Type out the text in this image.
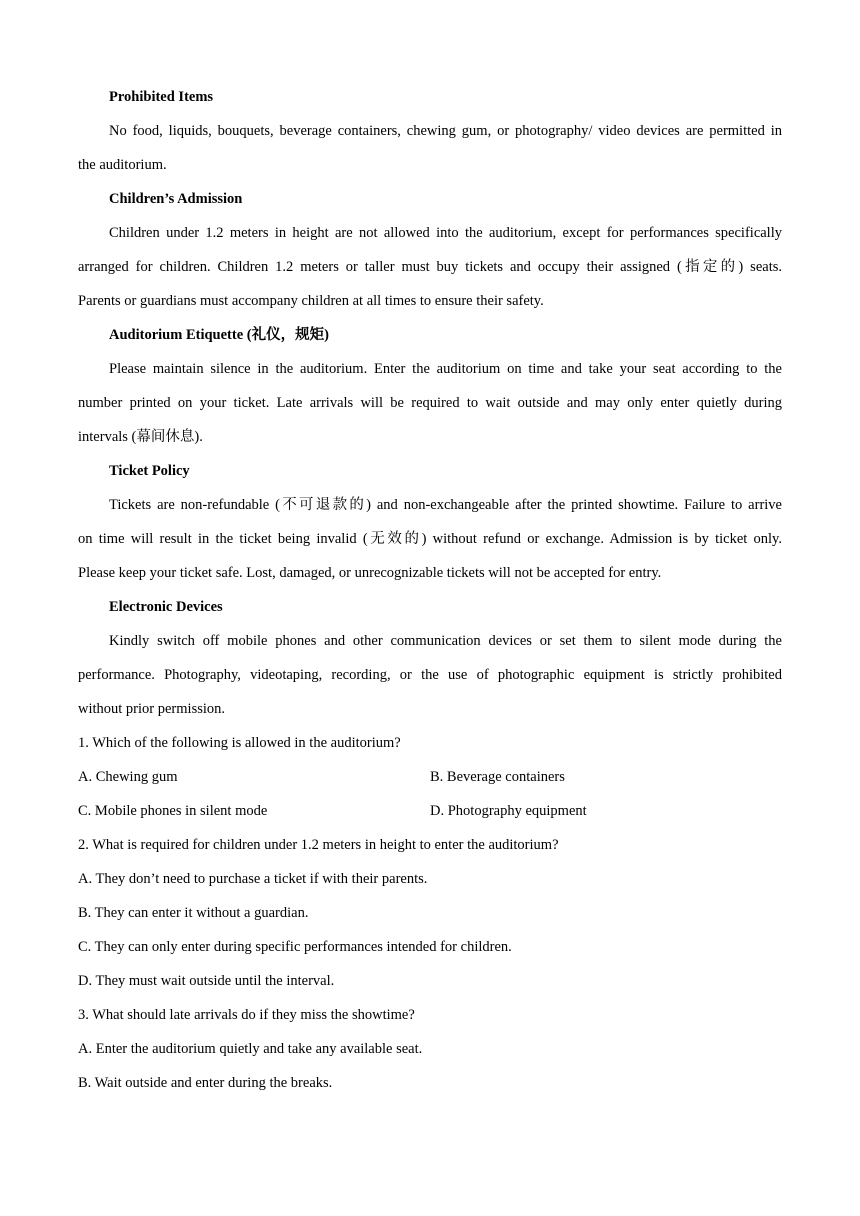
Prohibited Items
No food, liquids, bouquets, beverage containers, chewing gum, or photography/ video devices are permitted in
the auditorium.
Children’s Admission
Children under 1.2 meters in height are not allowed into the auditorium, except for performances specifically
arranged for children. Children 1.2 meters or taller must buy tickets and occupy their assigned (指定的) seats.
Parents or guardians must accompany children at all times to ensure their safety.
Auditorium Etiquette (礼仪，规矩)
Please maintain silence in the auditorium. Enter the auditorium on time and take your seat according to the
number printed on your ticket. Late arrivals will be required to wait outside and may only enter quietly during
intervals (幕间休息).
Ticket Policy
Tickets are non-refundable (不可退款的) and non-exchangeable after the printed showtime. Failure to arrive
on time will result in the ticket being invalid (无效的) without refund or exchange. Admission is by ticket only.
Please keep your ticket safe. Lost, damaged, or unrecognizable tickets will not be accepted for entry.
Electronic Devices
Kindly switch off mobile phones and other communication devices or set them to silent mode during the
performance. Photography, videotaping, recording, or the use of photographic equipment is strictly prohibited
without prior permission.
1. Which of the following is allowed in the auditorium?
A. Chewing gum	B. Beverage containers
C. Mobile phones in silent mode	D. Photography equipment
2. What is required for children under 1.2 meters in height to enter the auditorium?
A. They don’t need to purchase a ticket if with their parents.
B. They can enter it without a guardian.
C. They can only enter during specific performances intended for children.
D. They must wait outside until the interval.
3. What should late arrivals do if they miss the showtime?
A. Enter the auditorium quietly and take any available seat.
B. Wait outside and enter during the breaks.
